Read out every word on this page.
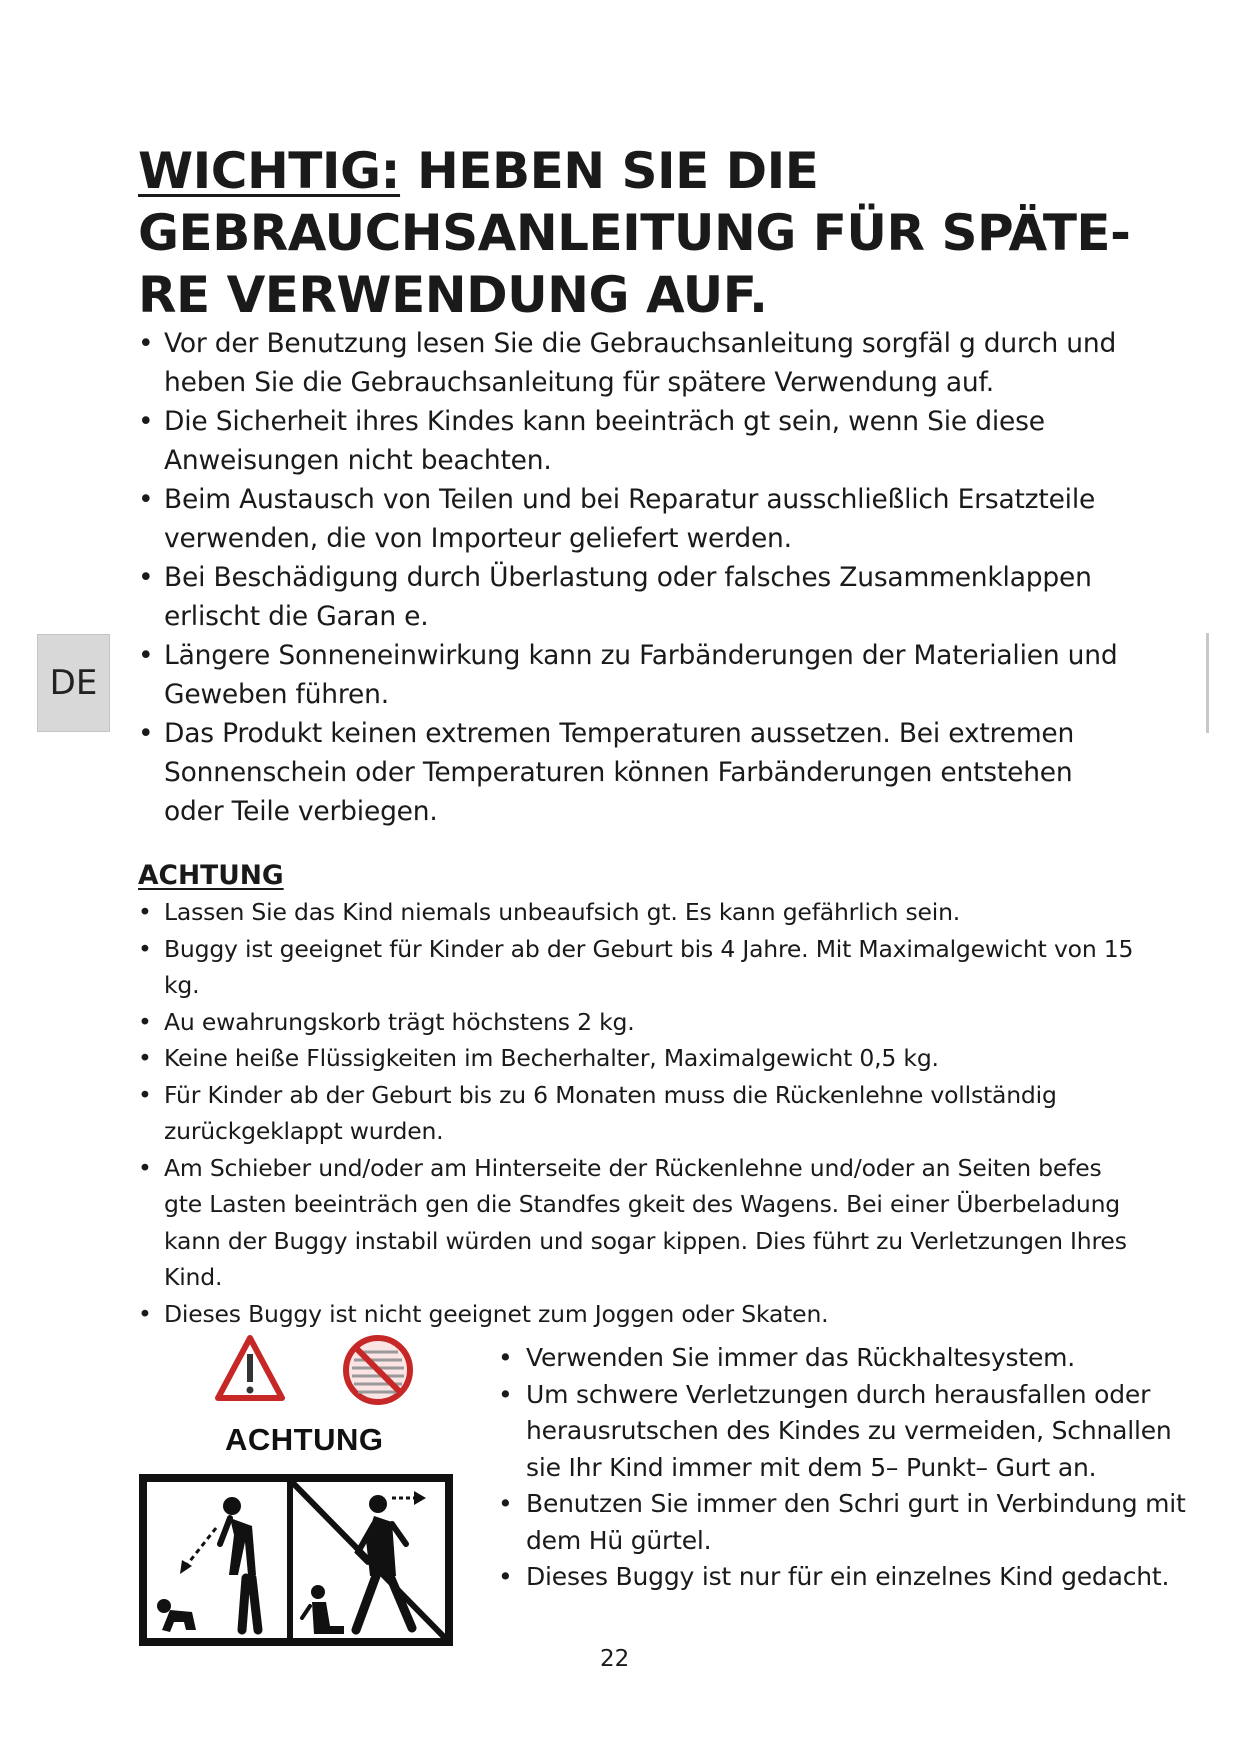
WICHTIG: HEBEN SIE DIE
GEBRAUCHSANLEITUNG FÜR SPÄTE-
RE VERWENDUNG AUF.
• Vor der Benutzung lesen Sie die Gebrauchsanleitung sorgfäl g durch und heben Sie die Gebrauchsanleitung für spätere Verwendung auf.
• Die Sicherheit ihres Kindes kann beeinträch gt sein, wenn Sie diese Anweisungen nicht beachten.
• Beim Austausch von Teilen und bei Reparatur ausschließlich Ersatzteile verwenden, die von Importeur geliefert werden.
• Bei Beschädigung durch Überlastung oder falsches Zusammenklappen erlischt die Garan e.
• Längere Sonneneinwirkung kann zu Farbänderungen der Materialien und Geweben führen.
• Das Produkt keinen extremen Temperaturen aussetzen. Bei extremen Sonnenschein oder Temperaturen können Farbänderungen entstehen oder Teile verbiegen.
DE
ACHTUNG
• Lassen Sie das Kind niemals unbeaufsich gt. Es kann gefährlich sein.
• Buggy ist geeignet für Kinder ab der Geburt bis 4 Jahre. Mit Maximalgewicht von 15 kg.
• Au ewahrungskorb trägt höchstens 2 kg.
• Keine heiße Flüssigkeiten im Becherhalter, Maximalgewicht 0,5 kg.
• Für Kinder ab der Geburt bis zu 6 Monaten muss die Rückenlehne vollständig zurückgeklappt wurden.
• Am Schieber und/oder am Hinterseite der Rückenlehne und/oder an Seiten befes gte Lasten beeinträch gen die Standfes gkeit des Wagens. Bei einer Überbeladung kann der Buggy instabil würden und sogar kippen. Dies führt zu Verletzungen Ihres Kind.
• Dieses Buggy ist nicht geeignet zum Joggen oder Skaten.
ACHTUNG
• Verwenden Sie immer das Rückhaltesystem.
• Um schwere Verletzungen durch herausfallen oder herausrutschen des Kindes zu vermeiden, Schnallen sie Ihr Kind immer mit dem 5– Punkt– Gurt an.
• Benutzen Sie immer den Schri gurt in Verbindung mit dem Hü gürtel.
• Dieses Buggy ist nur für ein einzelnes Kind gedacht.
22
